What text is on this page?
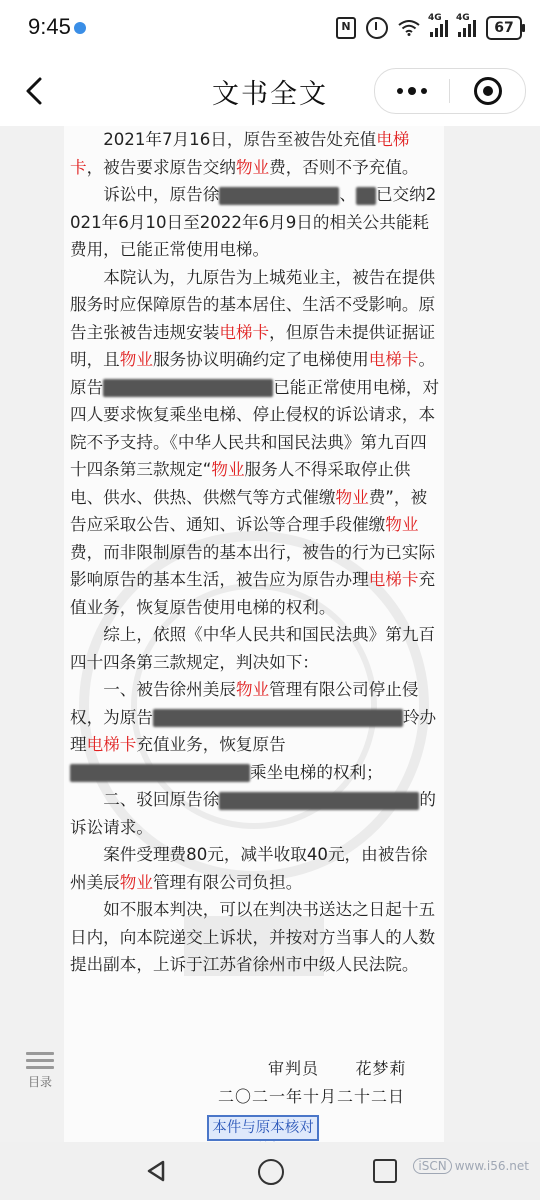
9:45	N
4G 4G
67
文书全文

　　2021年7月16日，原告至被告处充值电梯卡，被告要求原告交纳物业费，否则不予充值。

　　诉讼中，原告徐	、 已交纳2021年6月10日至2022年6月9日的相关公共能耗费用，已能正常使用电梯。

　　本院认为，九原告为上城苑业主，被告在提供服务时应保障原告的基本居住、生活不受影响。原告主张被告违规安装电梯卡，但原告未提供证据证明，且物业服务协议明确约定了电梯使用电梯卡。原告	已能正常使用电梯，对四人要求恢复乘坐电梯、停止侵权的诉讼请求，本院不予支持。《中华人民共和国民法典》第九百四十四条第三款规定“物业服务人不得采取停止供电、供水、供热、供燃气等方式催缴物业费”，被告应采取公告、通知、诉讼等合理手段催缴物业费，而非限制原告的基本出行，被告的行为已实际影响原告的基本生活，被告应为原告办理电梯卡充值业务，恢复原告使用电梯的权利。

　　综上，依照《中华人民共和国民法典》第九百四十四条第三款规定，判决如下：

　　一、被告徐州美辰物业管理有限公司停止侵权，为原告	玲办理电梯卡充值业务，恢复原告乘坐电梯的权利；

　　二、驳回原告徐	的诉讼请求。

　　案件受理费80元，减半收取40元，由被告徐州美辰物业管理有限公司负担。

　　如不服本判决，可以在判决书送达之日起十五日内，向本院递交上诉状，并按对方当事人的人数提出副本，上诉于江苏省徐州市中级人民法院。

审判员 花梦莉
二〇二一年十月二十二日
本件与原本核对
目录
iSCN www.i56.net
